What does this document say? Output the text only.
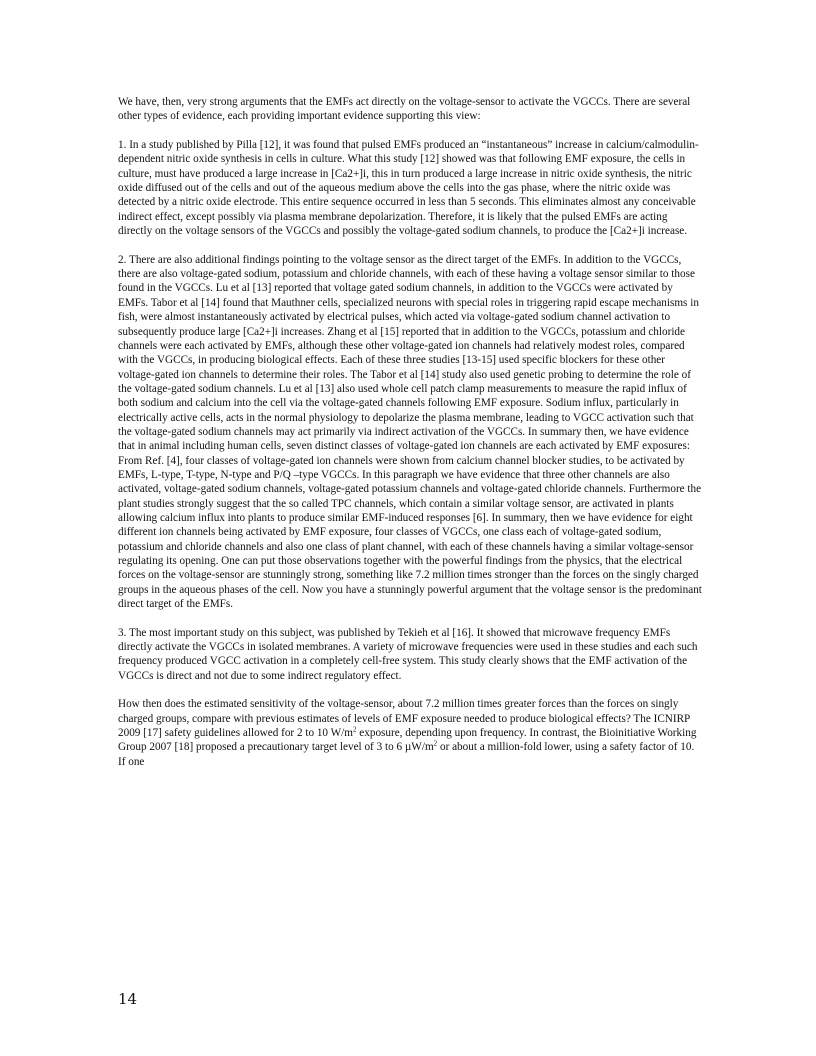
We have, then, very strong arguments that the EMFs act directly on the voltage-sensor to activate the VGCCs. There are several other types of evidence, each providing important evidence supporting this view:

1. In a study published by Pilla [12], it was found that pulsed EMFs produced an “instantaneous” increase in calcium/calmodulin-dependent nitric oxide synthesis in cells in culture. What this study [12] showed was that following EMF exposure, the cells in culture, must have produced a large increase in [Ca2+]i, this in turn produced a large increase in nitric oxide synthesis, the nitric oxide diffused out of the cells and out of the aqueous medium above the cells into the gas phase, where the nitric oxide was detected by a nitric oxide electrode. This entire sequence occurred in less than 5 seconds. This eliminates almost any conceivable indirect effect, except possibly via plasma membrane depolarization. Therefore, it is likely that the pulsed EMFs are acting directly on the voltage sensors of the VGCCs and possibly the voltage-gated sodium channels, to produce the [Ca2+]i increase.

2. There are also additional findings pointing to the voltage sensor as the direct target of the EMFs. In addition to the VGCCs, there are also voltage-gated sodium, potassium and chloride channels, with each of these having a voltage sensor similar to those found in the VGCCs. Lu et al [13] reported that voltage gated sodium channels, in addition to the VGCCs were activated by EMFs. Tabor et al [14] found that Mauthner cells, specialized neurons with special roles in triggering rapid escape mechanisms in fish, were almost instantaneously activated by electrical pulses, which acted via voltage-gated sodium channel activation to subsequently produce large [Ca2+]i increases. Zhang et al [15] reported that in addition to the VGCCs, potassium and chloride channels were each activated by EMFs, although these other voltage-gated ion channels had relatively modest roles, compared with the VGCCs, in producing biological effects. Each of these three studies [13-15] used specific blockers for these other voltage-gated ion channels to determine their roles. The Tabor et al [14] study also used genetic probing to determine the role of the voltage-gated sodium channels. Lu et al [13] also used whole cell patch clamp measurements to measure the rapid influx of both sodium and calcium into the cell via the voltage-gated channels following EMF exposure. Sodium influx, particularly in electrically active cells, acts in the normal physiology to depolarize the plasma membrane, leading to VGCC activation such that the voltage-gated sodium channels may act primarily via indirect activation of the VGCCs. In summary then, we have evidence that in animal including human cells, seven distinct classes of voltage-gated ion channels are each activated by EMF exposures: From Ref. [4], four classes of voltage-gated ion channels were shown from calcium channel blocker studies, to be activated by EMFs, L-type, T-type, N-type and P/Q –type VGCCs. In this paragraph we have evidence that three other channels are also activated, voltage-gated sodium channels, voltage-gated potassium channels and voltage-gated chloride channels. Furthermore the plant studies strongly suggest that the so called TPC channels, which contain a similar voltage sensor, are activated in plants allowing calcium influx into plants to produce similar EMF-induced responses [6]. In summary, then we have evidence for eight different ion channels being activated by EMF exposure, four classes of VGCCs, one class each of voltage-gated sodium, potassium and chloride channels and also one class of plant channel, with each of these channels having a similar voltage-sensor regulating its opening. One can put those observations together with the powerful findings from the physics, that the electrical forces on the voltage-sensor are stunningly strong, something like 7.2 million times stronger than the forces on the singly charged groups in the aqueous phases of the cell. Now you have a stunningly powerful argument that the voltage sensor is the predominant direct target of the EMFs.

3. The most important study on this subject, was published by Tekieh et al [16]. It showed that microwave frequency EMFs directly activate the VGCCs in isolated membranes. A variety of microwave frequencies were used in these studies and each such frequency produced VGCC activation in a completely cell-free system. This study clearly shows that the EMF activation of the VGCCs is direct and not due to some indirect regulatory effect.

How then does the estimated sensitivity of the voltage-sensor, about 7.2 million times greater forces than the forces on singly charged groups, compare with previous estimates of levels of EMF exposure needed to produce biological effects? The ICNIRP 2009 [17] safety guidelines allowed for 2 to 10 $W/m^2$ exposure, depending upon frequency. In contrast, the Bioinitiative Working Group 2007 [18] proposed a precautionary target level of 3 to 6 $\mu W/m^2$ or about a million-fold lower, using a safety factor of 10. If one

14
